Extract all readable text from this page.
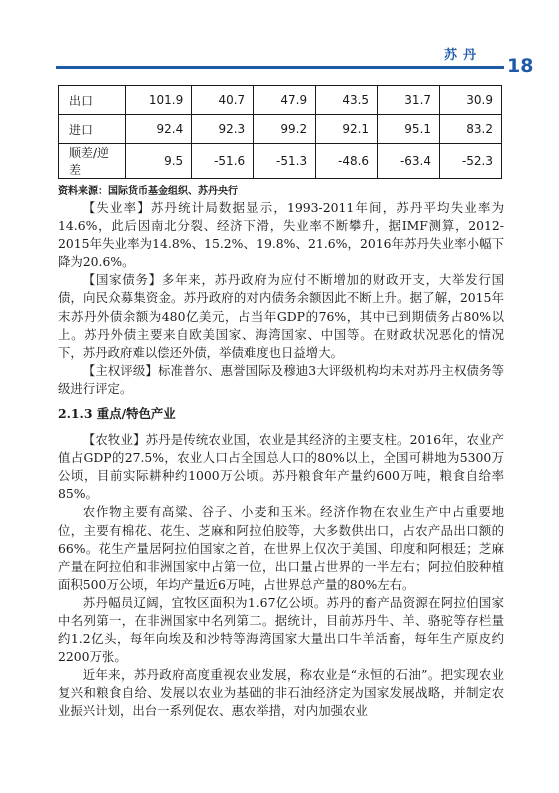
苏丹 18
出口	101.9	40.7	47.9	43.5	31.7	30.9
进口	92.4	92.3	99.2	92.1	95.1	83.2
顺差/逆差	9.5	-51.6	-51.3	-48.6	-63.4	-52.3
资料来源：国际货币基金组织、苏丹央行

【失业率】苏丹统计局数据显示，1993-2011年间，苏丹平均失业率为14.6%，此后因南北分裂、经济下滑，失业率不断攀升，据IMF测算，2012-2015年失业率为14.8%、15.2%、19.8%、21.6%，2016年苏丹失业率小幅下降为20.6%。

【国家债务】多年来，苏丹政府为应付不断增加的财政开支，大举发行国债，向民众募集资金。苏丹政府的对内债务余额因此不断上升。据了解，2015年末苏丹外债余额为480亿美元，占当年GDP的76%，其中已到期债务占80%以上。苏丹外债主要来自欧美国家、海湾国家、中国等。在财政状况恶化的情况下，苏丹政府难以偿还外债，举债难度也日益增大。

【主权评级】标准普尔、惠誉国际及穆迪3大评级机构均未对苏丹主权债务等级进行评定。

2.1.3 重点/特色产业

【农牧业】苏丹是传统农业国，农业是其经济的主要支柱。2016年，农业产值占GDP的27.5%，农业人口占全国总人口的80%以上，全国可耕地为5300万公顷，目前实际耕种约1000万公顷。苏丹粮食年产量约600万吨，粮食自给率85%。

农作物主要有高粱、谷子、小麦和玉米。经济作物在农业生产中占重要地位，主要有棉花、花生、芝麻和阿拉伯胶等，大多数供出口，占农产品出口额的66%。花生产量居阿拉伯国家之首，在世界上仅次于美国、印度和阿根廷；芝麻产量在阿拉伯和非洲国家中占第一位，出口量占世界的一半左右；阿拉伯胶种植面积500万公顷，年均产量近6万吨，占世界总产量的80%左右。

苏丹幅员辽阔，宜牧区面积为1.67亿公顷。苏丹的畜产品资源在阿拉伯国家中名列第一，在非洲国家中名列第二。据统计，目前苏丹牛、羊、骆驼等存栏量约1.2亿头，每年向埃及和沙特等海湾国家大量出口牛羊活畜，每年生产原皮约2200万张。

近年来，苏丹政府高度重视农业发展，称农业是“永恒的石油”。把实现农业复兴和粮食自给、发展以农业为基础的非石油经济定为国家发展战略，并制定农业振兴计划，出台一系列促农、惠农举措，对内加强农业
